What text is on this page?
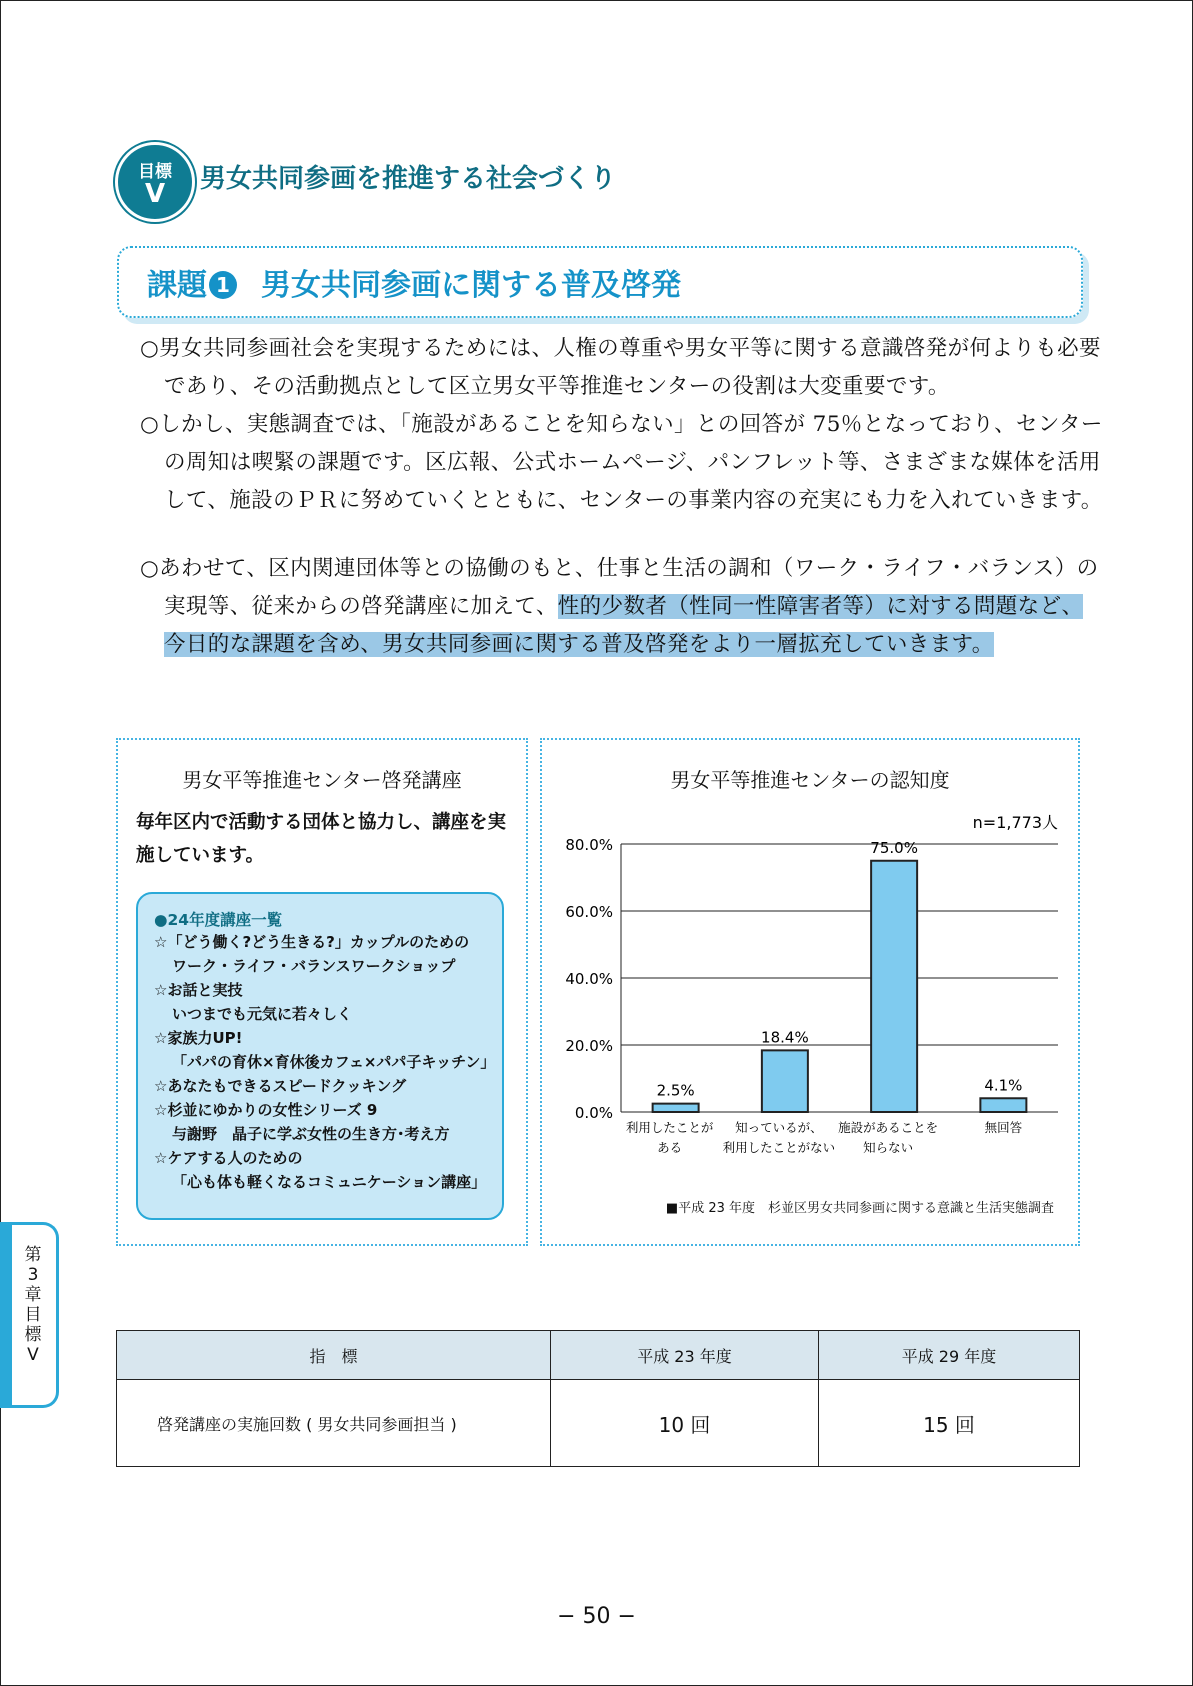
目標
V	男女共同参画を推進する社会づくり
課題 1 男女共同参画に関する普及啓発
○男女共同参画社会を実現するためには、人権の尊重や男女平等に関する意識啓発が何よりも必要であり、その活動拠点として区立男女平等推進センターの役割は大変重要です。
○しかし、実態調査では、「施設があることを知らない」との回答が 75％となっており、センターの周知は喫緊の課題です。区広報、公式ホームページ、パンフレット等、さまざまな媒体を活用して、施設のＰＲに努めていくとともに、センターの事業内容の充実にも力を入れていきます。
○あわせて、区内関連団体等との協働のもと、仕事と生活の調和（ワーク・ライフ・バランス）の実現等、従来からの啓発講座に加えて、性的少数者（性同一性障害者等）に対する問題など、今日的な課題を含め、男女共同参画に関する普及啓発をより一層拡充していきます。
男女平等推進センター啓発講座
毎年区内で活動する団体と協力し、講座を実施しています。
●24年度講座一覧
☆「どう働く?どう生きる?」カップルのための
ワーク・ライフ・バランスワークショップ
☆お話と実技
いつまでも元気に若々しく
☆家族力UP!
「パパの育休×育休後カフェ×パパ子キッチン」
☆あなたもできるスピードクッキング
☆杉並にゆかりの女性シリーズ 9
与謝野　晶子に学ぶ女性の生き方･考え方
☆ケアする人のための
「心も体も軽くなるコミュニケーション講座」
男女平等推進センターの認知度
n=1,773人
0.0%
20.0%
40.0%
60.0%
80.0%
2.5%
利用したことが
ある
18.4%
知っているが、
利用したことがない
75.0%
施設があることを
知らない
4.1%
無回答
■平成 23 年度　杉並区男女共同参画に関する意識と生活実態調査
指　標	平成 23 年度	平成 29 年度
啓発講座の実施回数 ( 男女共同参画担当 )	10 回	15 回
第3章　目標V
− 50 −
